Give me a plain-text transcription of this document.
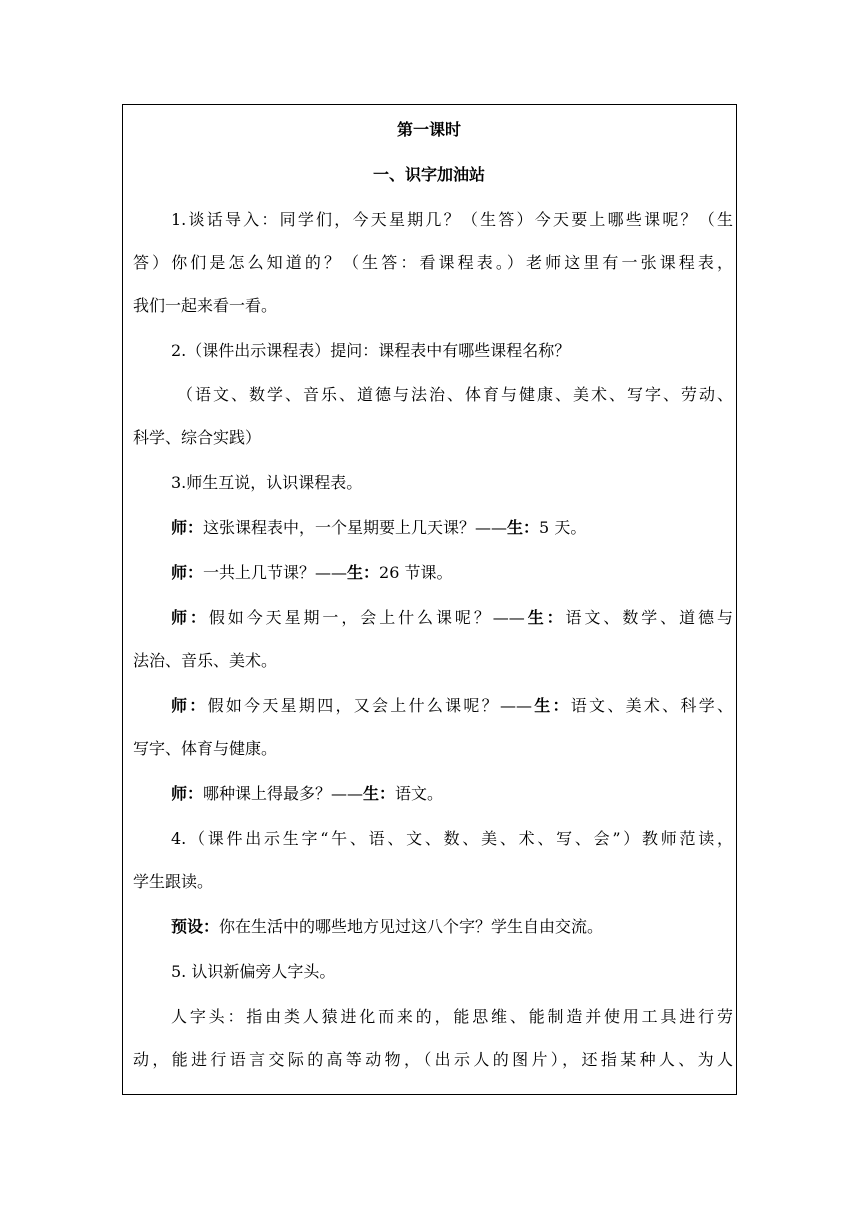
第一课时
一、识字加油站
1.谈话导入：同学们，今天星期几？（生答）今天要上哪些课呢？（生
答）你们是怎么知道的？（生答：看课程表。）老师这里有一张课程表，
我们一起来看一看。
2.（课件出示课程表）提问：课程表中有哪些课程名称？
（语文、数学、音乐、道德与法治、体育与健康、美术、写字、劳动、
科学、综合实践）
3.师生互说，认识课程表。
师：这张课程表中，一个星期要上几天课？——生：5 天。
师：一共上几节课？——生：26 节课。
师：假如今天星期一，会上什么课呢？——生：语文、数学、道德与
法治、音乐、美术。
师：假如今天星期四，又会上什么课呢？——生：语文、美术、科学、
写字、体育与健康。
师：哪种课上得最多？——生：语文。
4.（课件出示生字“午、语、文、数、美、术、写、会”）教师范读，
学生跟读。
预设：你在生活中的哪些地方见过这八个字？学生自由交流。
5. 认识新偏旁人字头。
人字头：指由类人猿进化而来的，能思维、能制造并使用工具进行劳
动，能进行语言交际的高等动物，（出示人的图片），还指某种人、为人
